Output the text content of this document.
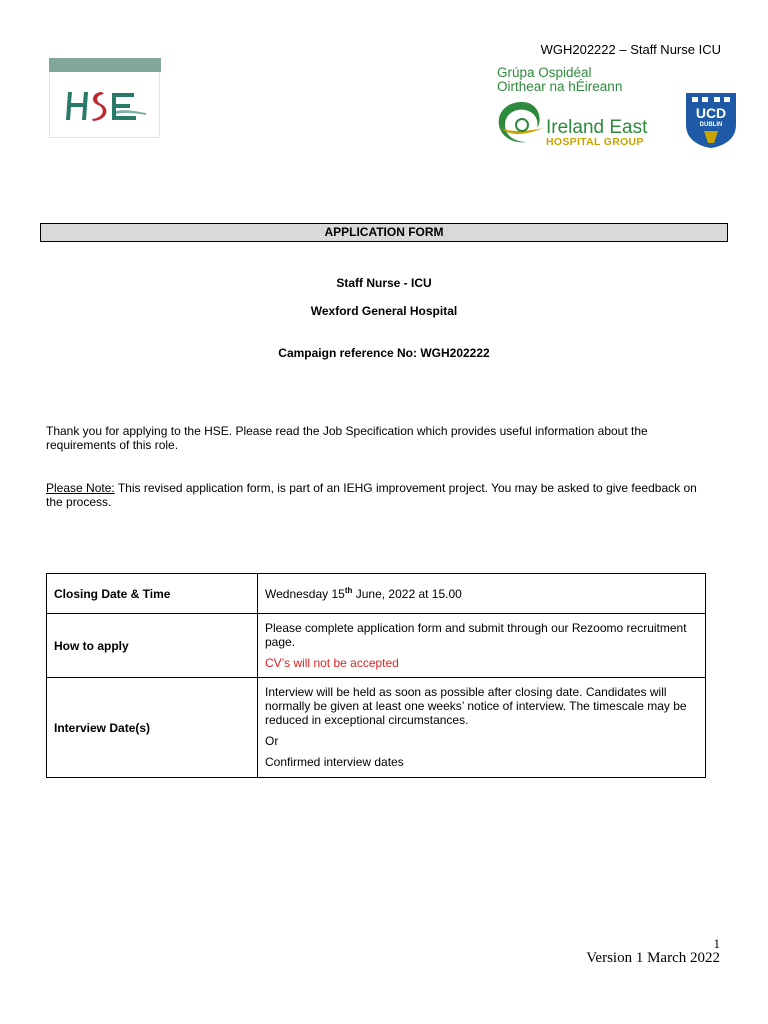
WGH202222 – Staff Nurse ICU
Grúpa Ospidéal
Oirthear na hÉireann
Ireland East
HOSPITAL GROUP
UCD
DUBLIN
APPLICATION FORM
Staff Nurse - ICU
Wexford General Hospital
Campaign reference No: WGH202222
Thank you for applying to the HSE. Please read the Job Specification which provides useful information about the requirements of this role.
Please Note: This revised application form, is part of an IEHG improvement project. You may be asked to give feedback on the process.
Closing Date & Time	Wednesday 15th June, 2022 at 15.00
How to apply	Please complete application form and submit through our Rezoomo recruitment page.
CV’s will not be accepted

Interview Date(s)	Interview will be held as soon as possible after closing date. Candidates will normally be given at least one weeks’ notice of interview. The timescale may be reduced in exceptional circumstances.
Or
Confirmed interview dates
1
Version 1 March 2022
